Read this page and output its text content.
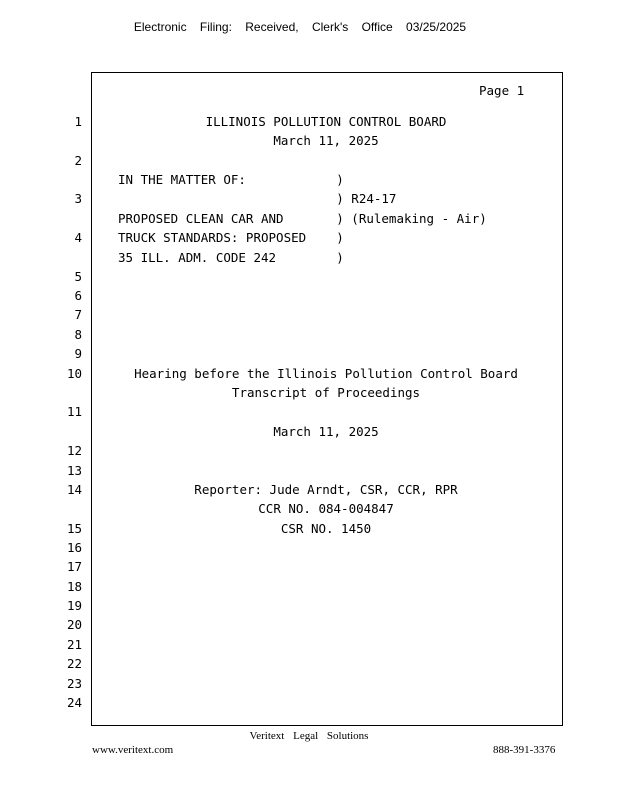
Electronic Filing: Received, Clerk's Office 03/25/2025
Page 1
1
2
3
4
5
6
7
8
9
10
11
12
13
14
15
16
17
18
19
20
21
22
23
24
ILLINOIS POLLUTION CONTROL BOARD
March 11, 2025
IN THE MATTER OF:            )
) R24-17
PROPOSED CLEAN CAR AND       ) (Rulemaking - Air)
TRUCK STANDARDS: PROPOSED    )
35 ILL. ADM. CODE 242        )
Hearing before the Illinois Pollution Control Board
Transcript of Proceedings
March 11, 2025
Reporter: Jude Arndt, CSR, CCR, RPR
CCR NO. 084-004847
CSR NO. 1450
Veritext Legal Solutions
www.veritext.com	888-391-3376
